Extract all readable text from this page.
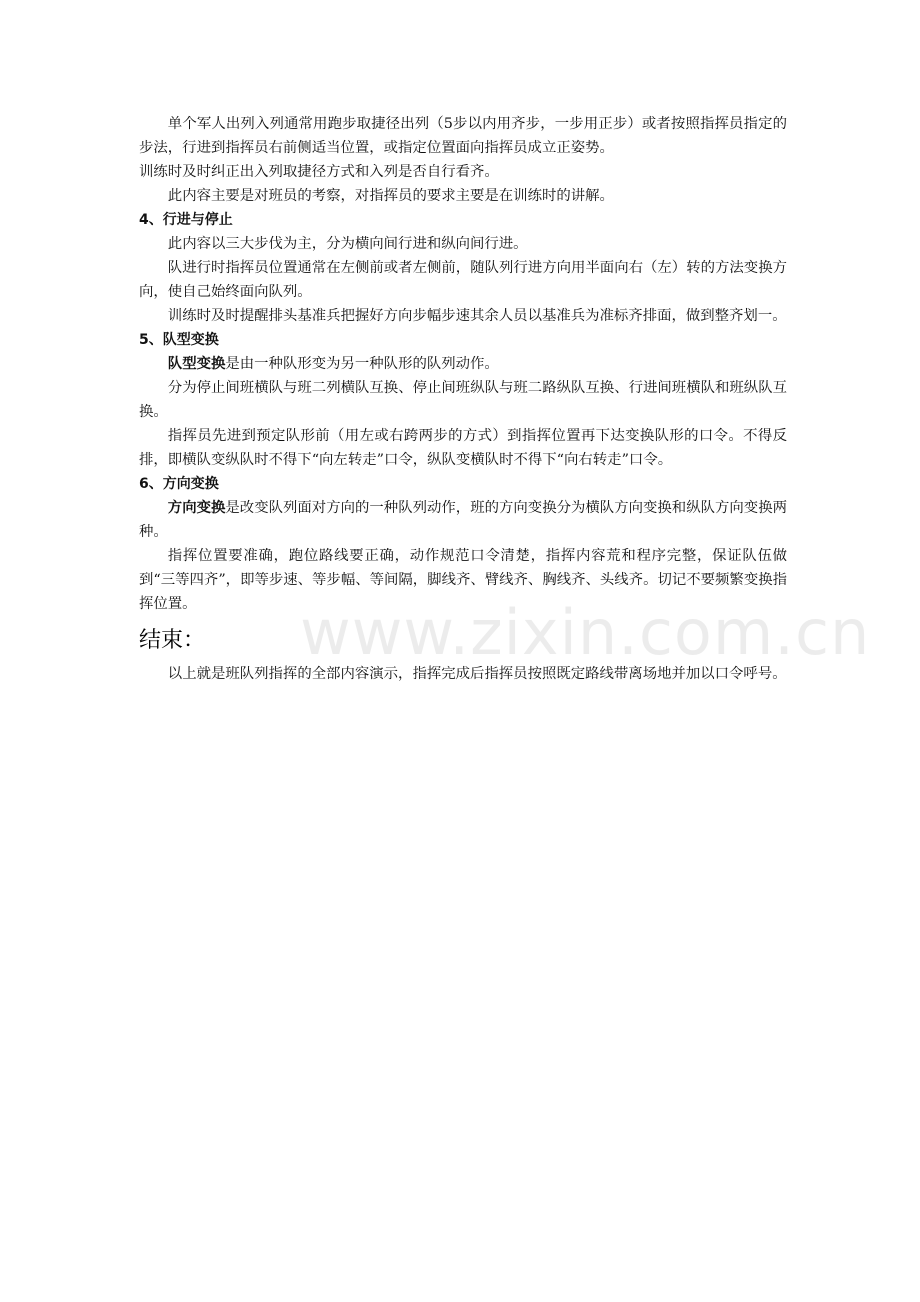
单个军人出列入列通常用跑步取捷径出列（5步以内用齐步，一步用正步）或者按照指挥员指定的步法，行进到指挥员右前侧适当位置，或指定位置面向指挥员成立正姿势。

训练时及时纠正出入列取捷径方式和入列是否自行看齐。

此内容主要是对班员的考察，对指挥员的要求主要是在训练时的讲解。

4、行进与停止

此内容以三大步伐为主，分为横向间行进和纵向间行进。

队进行时指挥员位置通常在左侧前或者左侧前，随队列行进方向用半面向右（左）转的方法变换方向，使自己始终面向队列。

训练时及时提醒排头基准兵把握好方向步幅步速其余人员以基准兵为准标齐排面，做到整齐划一。

5、队型变换

队型变换是由一种队形变为另一种队形的队列动作。

分为停止间班横队与班二列横队互换、停止间班纵队与班二路纵队互换、行进间班横队和班纵队互换。

指挥员先进到预定队形前（用左或右跨两步的方式）到指挥位置再下达变换队形的口令。不得反排，即横队变纵队时不得下“向左转走”口令，纵队变横队时不得下“向右转走”口令。

6、方向变换

方向变换是改变队列面对方向的一种队列动作，班的方向变换分为横队方向变换和纵队方向变换两种。

指挥位置要准确，跑位路线要正确，动作规范口令清楚，指挥内容荒和程序完整，保证队伍做到“三等四齐”，即等步速、等步幅、等间隔，脚线齐、臂线齐、胸线齐、头线齐。切记不要频繁变换指挥位置。

结束：

以上就是班队列指挥的全部内容演示，指挥完成后指挥员按照既定路线带离场地并加以口令呼号。

www.zixin.com.cn
